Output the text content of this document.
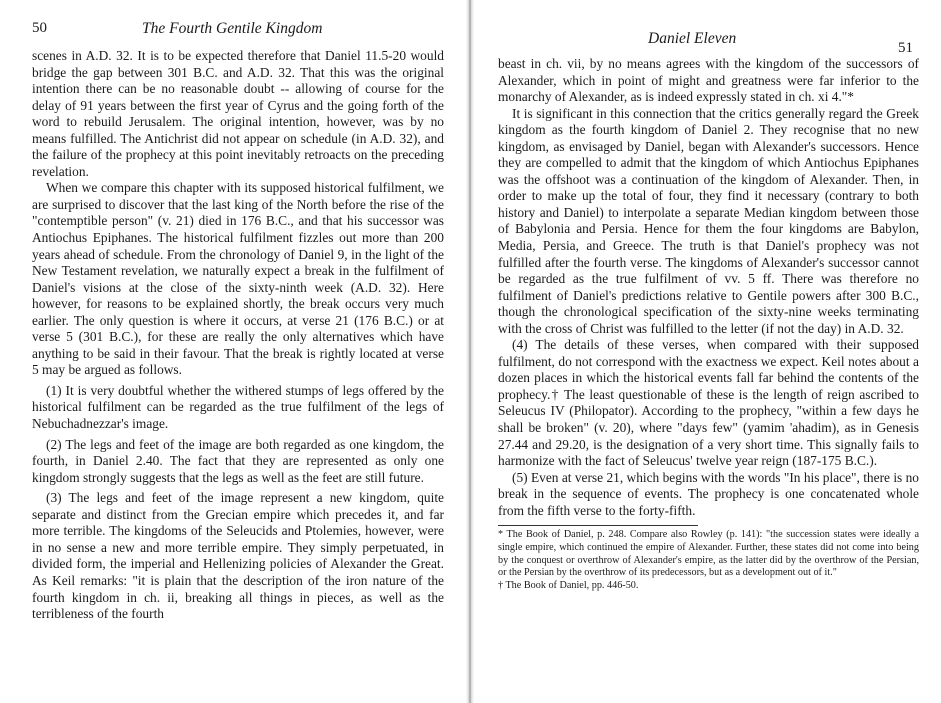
50	The Fourth Gentile Kingdom

scenes in A.D. 32. It is to be expected therefore that Daniel 11.5-20 would bridge the gap between 301 B.C. and A.D. 32. That this was the original intention there can be no reasonable doubt -- allowing of course for the delay of 91 years between the first year of Cyrus and the going forth of the word to rebuild Jerusalem. The original intention, however, was by no means fulfilled. The Antichrist did not appear on schedule (in A.D. 32), and the failure of the prophecy at this point inevitably retroacts on the preceding revelation.

When we compare this chapter with its supposed historical fulfilment, we are surprised to discover that the last king of the North before the rise of the "contemptible person" (v. 21) died in 176 B.C., and that his successor was Antiochus Epiphanes. The historical fulfilment fizzles out more than 200 years ahead of schedule. From the chronology of Daniel 9, in the light of the New Testament revelation, we naturally expect a break in the fulfilment of Daniel's visions at the close of the sixty-ninth week (A.D. 32). Here however, for reasons to be explained shortly, the break occurs very much earlier. The only question is where it occurs, at verse 21 (176 B.C.) or at verse 5 (301 B.C.), for these are really the only alternatives which have anything to be said in their favour. That the break is rightly located at verse 5 may be argued as follows.

(1) It is very doubtful whether the withered stumps of legs offered by the historical fulfilment can be regarded as the true fulfilment of the legs of Nebuchadnezzar's image.

(2) The legs and feet of the image are both regarded as one kingdom, the fourth, in Daniel 2.40. The fact that they are represented as only one kingdom strongly suggests that the legs as well as the feet are still future.

(3) The legs and feet of the image represent a new kingdom, quite separate and distinct from the Grecian empire which precedes it, and far more terrible. The kingdoms of the Seleucids and Ptolemies, however, were in no sense a new and more terrible empire. They simply perpetuated, in divided form, the imperial and Hellenizing policies of Alexander the Great. As Keil remarks: "it is plain that the description of the iron nature of the fourth kingdom in ch. ii, breaking all things in pieces, as well as the terribleness of the fourth

Daniel Eleven
51

beast in ch. vii, by no means agrees with the kingdom of the successors of Alexander, which in point of might and greatness were far inferior to the monarchy of Alexander, as is indeed expressly stated in ch. xi 4."*

It is significant in this connection that the critics generally regard the Greek kingdom as the fourth kingdom of Daniel 2. They recognise that no new kingdom, as envisaged by Daniel, began with Alexander's successors. Hence they are compelled to admit that the kingdom of which Antiochus Epiphanes was the offshoot was a continuation of the kingdom of Alexander. Then, in order to make up the total of four, they find it necessary (contrary to both history and Daniel) to interpolate a separate Median kingdom between those of Babylonia and Persia. Hence for them the four kingdoms are Babylon, Media, Persia, and Greece. The truth is that Daniel's prophecy was not fulfilled after the fourth verse. The kingdoms of Alexander's successor cannot be regarded as the true fulfilment of vv. 5 ff. There was therefore no fulfilment of Daniel's predictions relative to Gentile powers after 300 B.C., though the chronological specification of the sixty-nine weeks terminating with the cross of Christ was fulfilled to the letter (if not the day) in A.D. 32.

(4) The details of these verses, when compared with their supposed fulfilment, do not correspond with the exactness we expect. Keil notes about a dozen places in which the historical events fall far behind the contents of the prophecy.† The least questionable of these is the length of reign ascribed to Seleucus IV (Philopator). According to the prophecy, "within a few days he shall be broken" (v. 20), where "days few" (yamim 'ahadim), as in Genesis 27.44 and 29.20, is the designation of a very short time. This signally fails to harmonize with the fact of Seleucus' twelve year reign (187-175 B.C.).

(5) Even at verse 21, which begins with the words "In his place", there is no break in the sequence of events. The prophecy is one concatenated whole from the fifth verse to the forty-fifth.

* The Book of Daniel, p. 248. Compare also Rowley (p. 141): "the succession states were ideally a single empire, which continued the empire of Alexander. Further, these states did not come into being by the conquest or overthrow of Alexander's empire, as the latter did by the overthrow of the Persian, or the Persian by the overthrow of its predecessors, but as a development out of it."

† The Book of Daniel, pp. 446-50.
